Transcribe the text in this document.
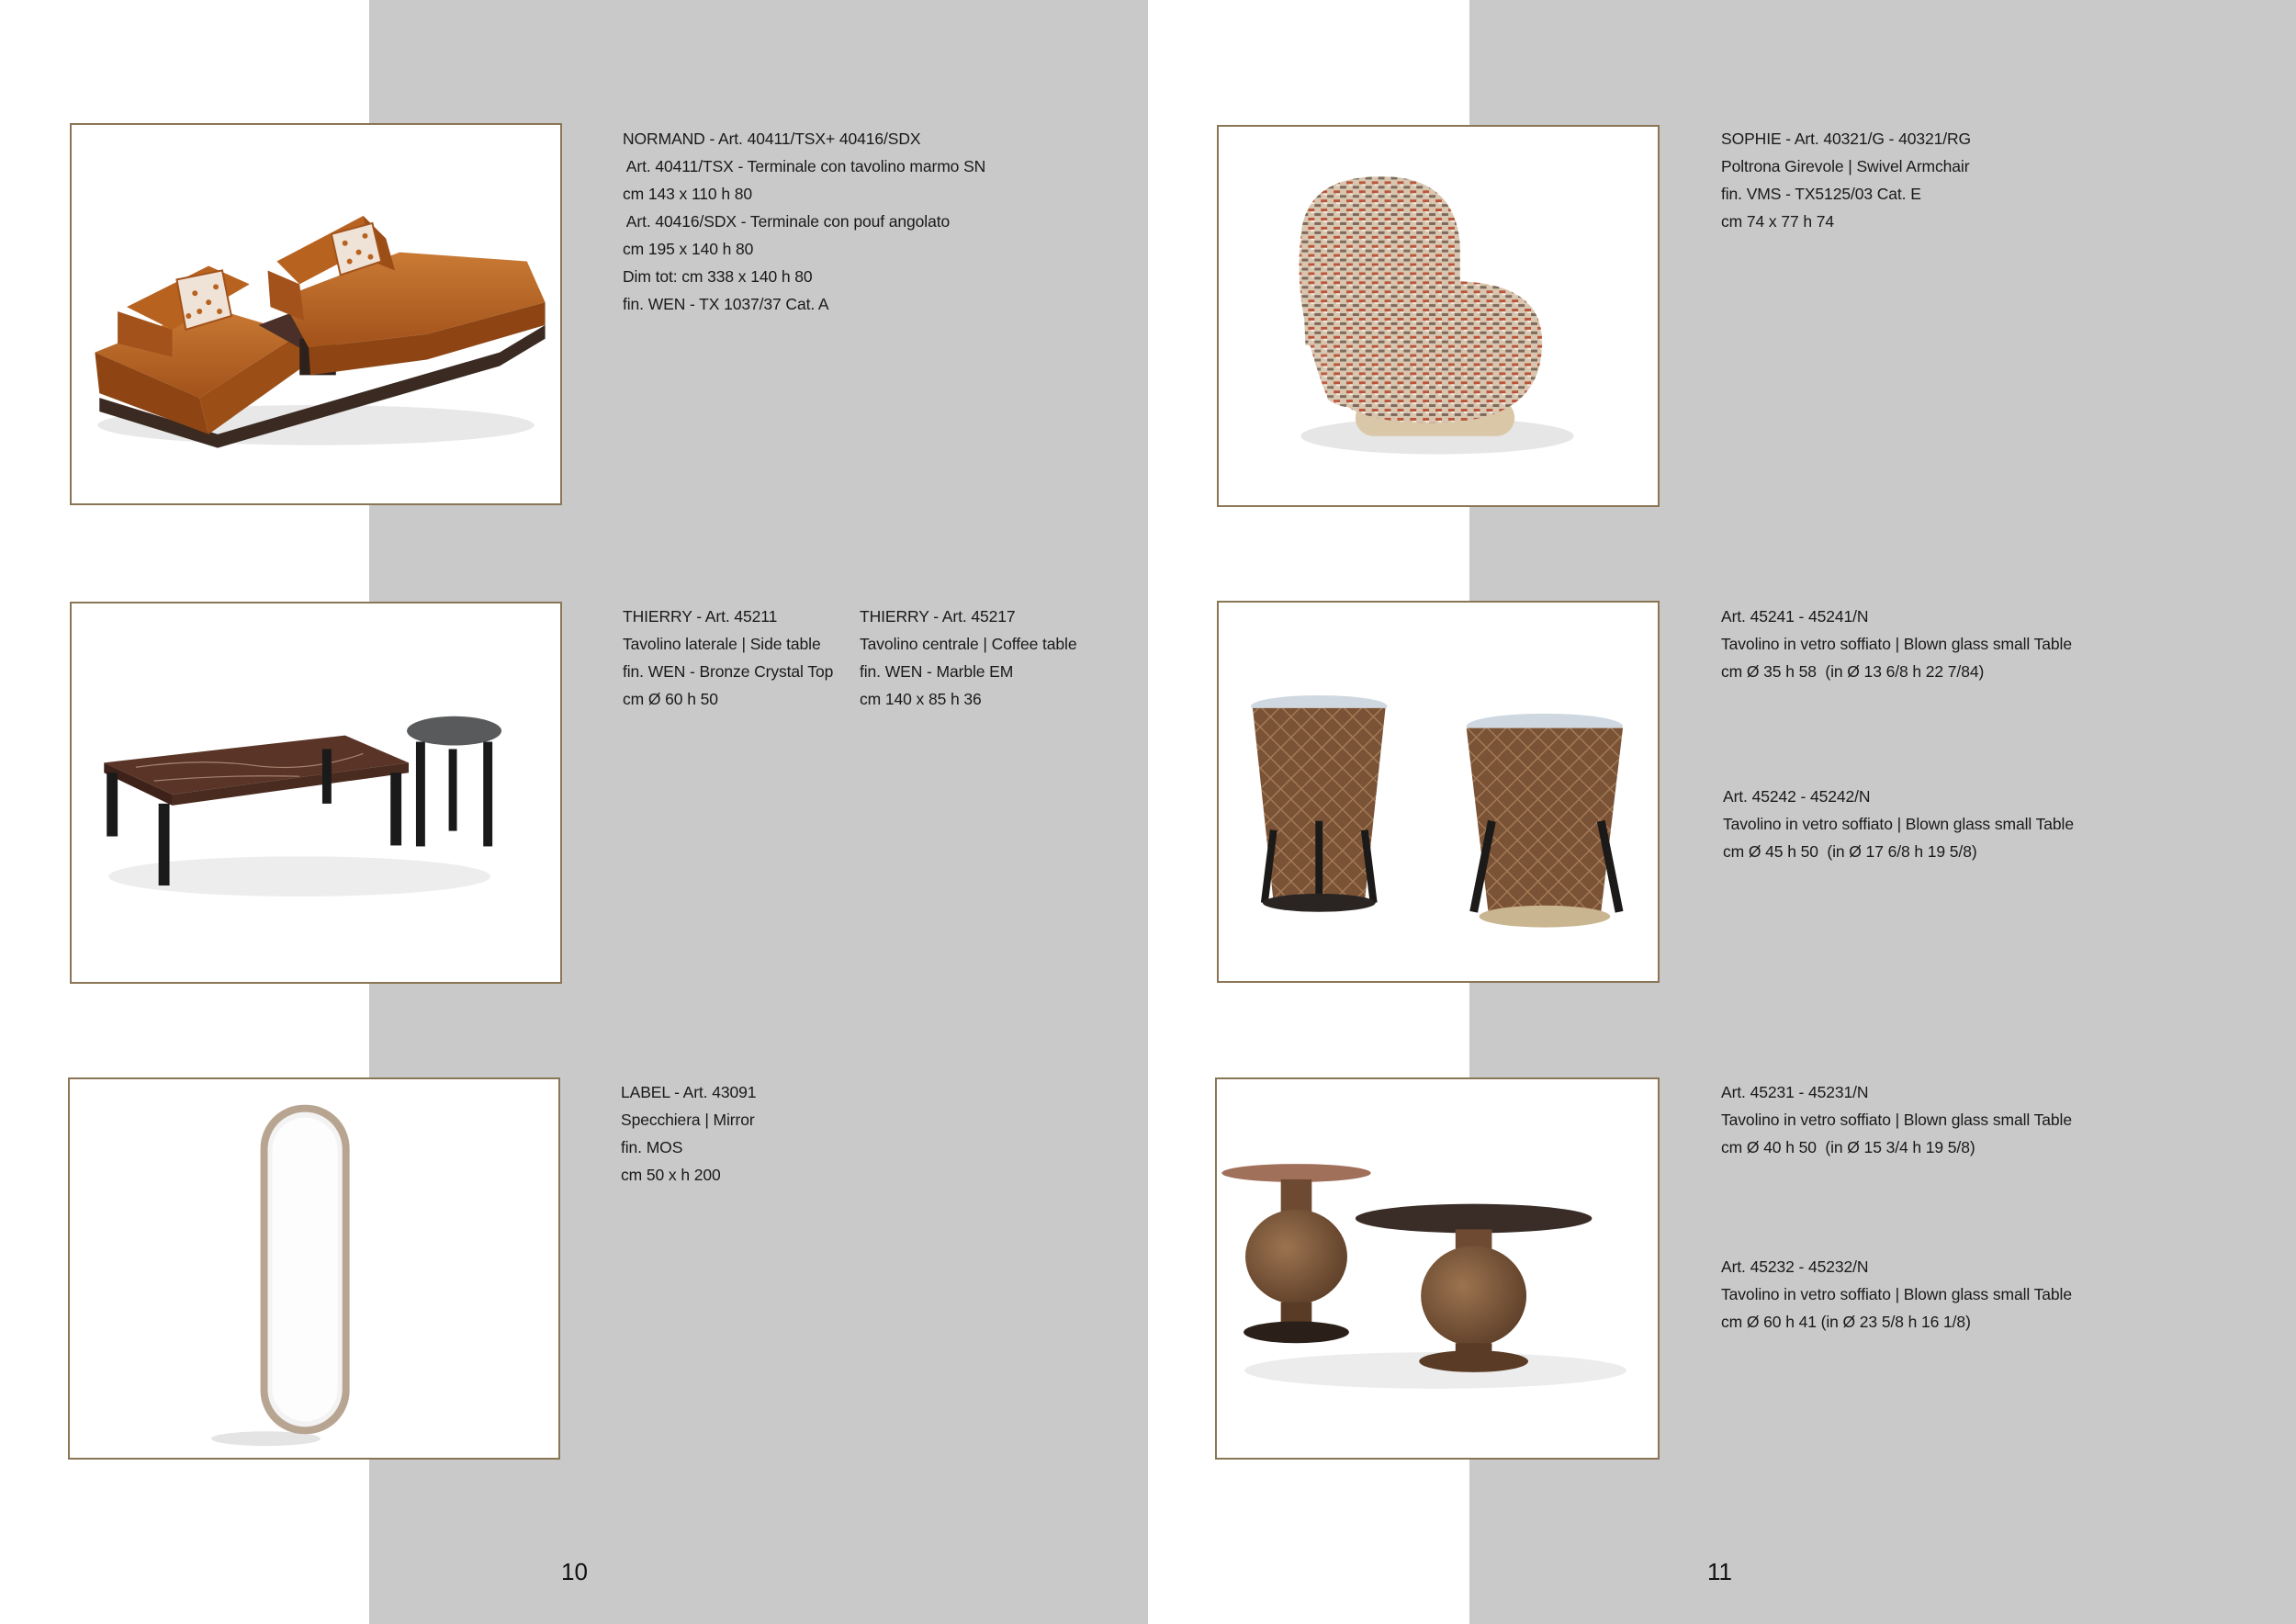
NORMAND - Art. 40411/TSX+ 40416/SDX
Art. 40411/TSX - Terminale con tavolino marmo SN
cm 143 x 110 h 80
Art. 40416/SDX - Terminale con pouf angolato
cm 195 x 140 h 80
Dim tot: cm 338 x 140 h 80
fin. WEN - TX 1037/37 Cat. A
THIERRY - Art. 45211
Tavolino laterale | Side table
fin. WEN - Bronze Crystal Top
cm Ø 60 h 50
THIERRY - Art. 45217
Tavolino centrale | Coffee table
fin. WEN - Marble EM
cm 140 x 85 h 36
LABEL - Art. 43091
Specchiera | Mirror
fin. MOS
cm 50 x h 200
10
SOPHIE - Art. 40321/G - 40321/RG
Poltrona Girevole | Swivel Armchair
fin. VMS - TX5125/03 Cat. E
cm 74 x 77 h 74
Art. 45241 - 45241/N
Tavolino in vetro soffiato | Blown glass small Table
cm Ø 35 h 58  (in Ø 13 6/8 h 22 7/84)
Art. 45242 - 45242/N
Tavolino in vetro soffiato | Blown glass small Table
cm Ø 45 h 50  (in Ø 17 6/8 h 19 5/8)
Art. 45231 - 45231/N
Tavolino in vetro soffiato | Blown glass small Table
cm Ø 40 h 50  (in Ø 15 3/4 h 19 5/8)
Art. 45232 - 45232/N
Tavolino in vetro soffiato | Blown glass small Table
cm Ø 60 h 41 (in Ø 23 5/8 h 16 1/8)
11
